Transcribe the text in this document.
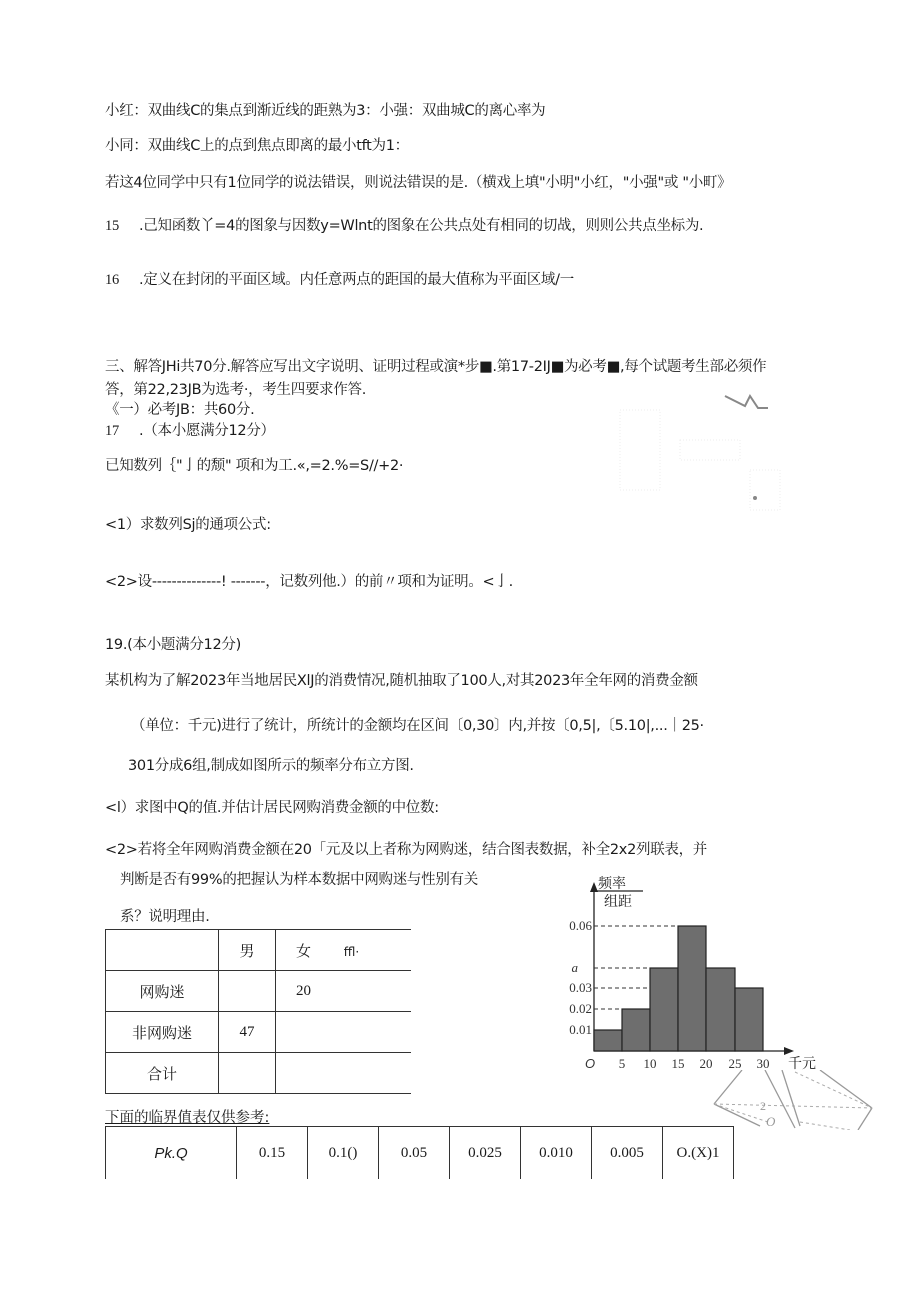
小红：双曲线C的集点到渐近线的距熟为3：小强：双曲城C的离心率为
小同：双曲线C上的点到焦点即离的最小tft为1：
若这4位同学中只有1位同学的说法错误，则说法错误的是.（横戏上填"小明"小红，"小强"或 "小町》
15 .己知函数丫=4的图象与因数y=Wlnt的图象在公共点处有相同的切战，则则公共点坐标为.
16 .定义在封闭的平面区域。内任意两点的距国的最大值称为平面区域/一
三、解答JHi共70分.解答应写出文字说明、证明过程或演*步■.第17-2IJ■为必考■,每个试题考生部必须作
答，第22,23JB为选考·，考生四要求作答.
《一）必考JB：共60分.
17 .（本小愿满分12分）
已知数列｛"亅的颓" 项和为工.«,=2.%=S//+2·
<1）求数列Sj的通项公式:
<2>设--------------! -------，记数列他.）的前〃项和为证明。<亅.
19.(本小题满分12分)
某机构为了解2023年当地居民XlJ的消费情况,随机抽取了100人,对其2023年全年网的消费金额
（单位：千元)进行了统计，所统计的金额均在区间〔0,30〕内,并按〔0,5|,〔5.10|,...｜25·
301分成6组,制成如图所示的频率分布立方图.
<l）求图中Q的值.并估计居民网购消费金额的中位数:
<2>若将全年网购消费金额在20「元及以上者称为网购迷，结合图表数据，补全2x2列联表，并
判断是否有99%的把握认为样本数据中网购迷与性别有关
系？说明理由.
	男	女 ffl·
网购迷		20
非网购迷	47	
合计		
频率
组距
0.06
a
0.03
0.02
0.01
O 5 10 15 20 25 30 千元
2
O
下面的临界值表仅供参考:
Pk.Q	0.15	0.1()	0.05	0.025	0.010	0.005	O.(X)1
